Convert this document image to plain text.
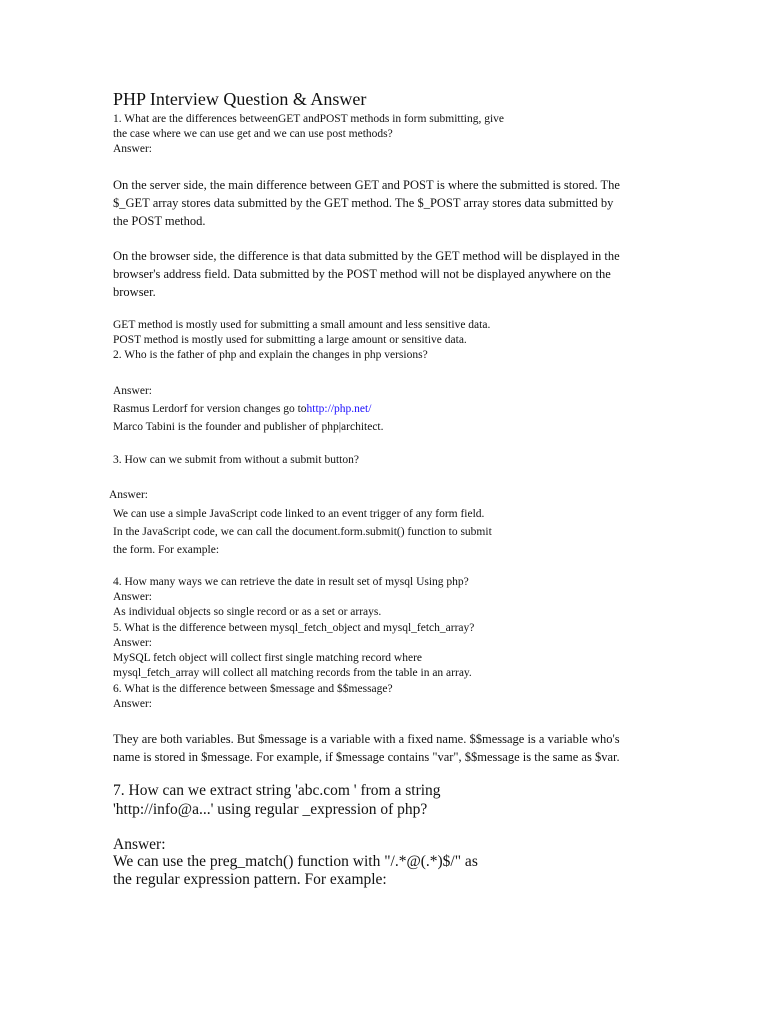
PHP Interview Question & Answer
1. What are the differences betweenGET andPOST methods in form submitting, give
the case where we can use get and we can use post methods?
Answer:
On the server side, the main difference between GET and POST is where the submitted is stored. The
$_GET array stores data submitted by the GET method. The $_POST array stores data submitted by
the POST method.
On the browser side, the difference is that data submitted by the GET method will be displayed in the
browser's address field. Data submitted by the POST method will not be displayed anywhere on the
browser.
GET method is mostly used for submitting a small amount and less sensitive data.
POST method is mostly used for submitting a large amount or sensitive data.
2. Who is the father of php and explain the changes in php versions?
Answer:
Rasmus Lerdorf for version changes go tohttp://php.net/
Marco Tabini is the founder and publisher of php|architect.
3. How can we submit from without a submit button?
Answer:
We can use a simple JavaScript code linked to an event trigger of any form field.
In the JavaScript code, we can call the document.form.submit() function to submit
the form. For example:
4. How many ways we can retrieve the date in result set of mysql Using php?
Answer:
As individual objects so single record or as a set or arrays.
5. What is the difference between mysql_fetch_object and mysql_fetch_array?
Answer:
MySQL fetch object will collect first single matching record where
mysql_fetch_array will collect all matching records from the table in an array.
6. What is the difference between $message and $$message?
Answer:
They are both variables. But $message is a variable with a fixed name. $$message is a variable who's
name is stored in $message. For example, if $message contains "var", $$message is the same as $var.
7. How can we extract string 'abc.com ' from a string
'http://info@a...' using regular _expression of php?
Answer:
We can use the preg_match() function with "/.*@(.*)$/" as
the regular expression pattern. For example:
